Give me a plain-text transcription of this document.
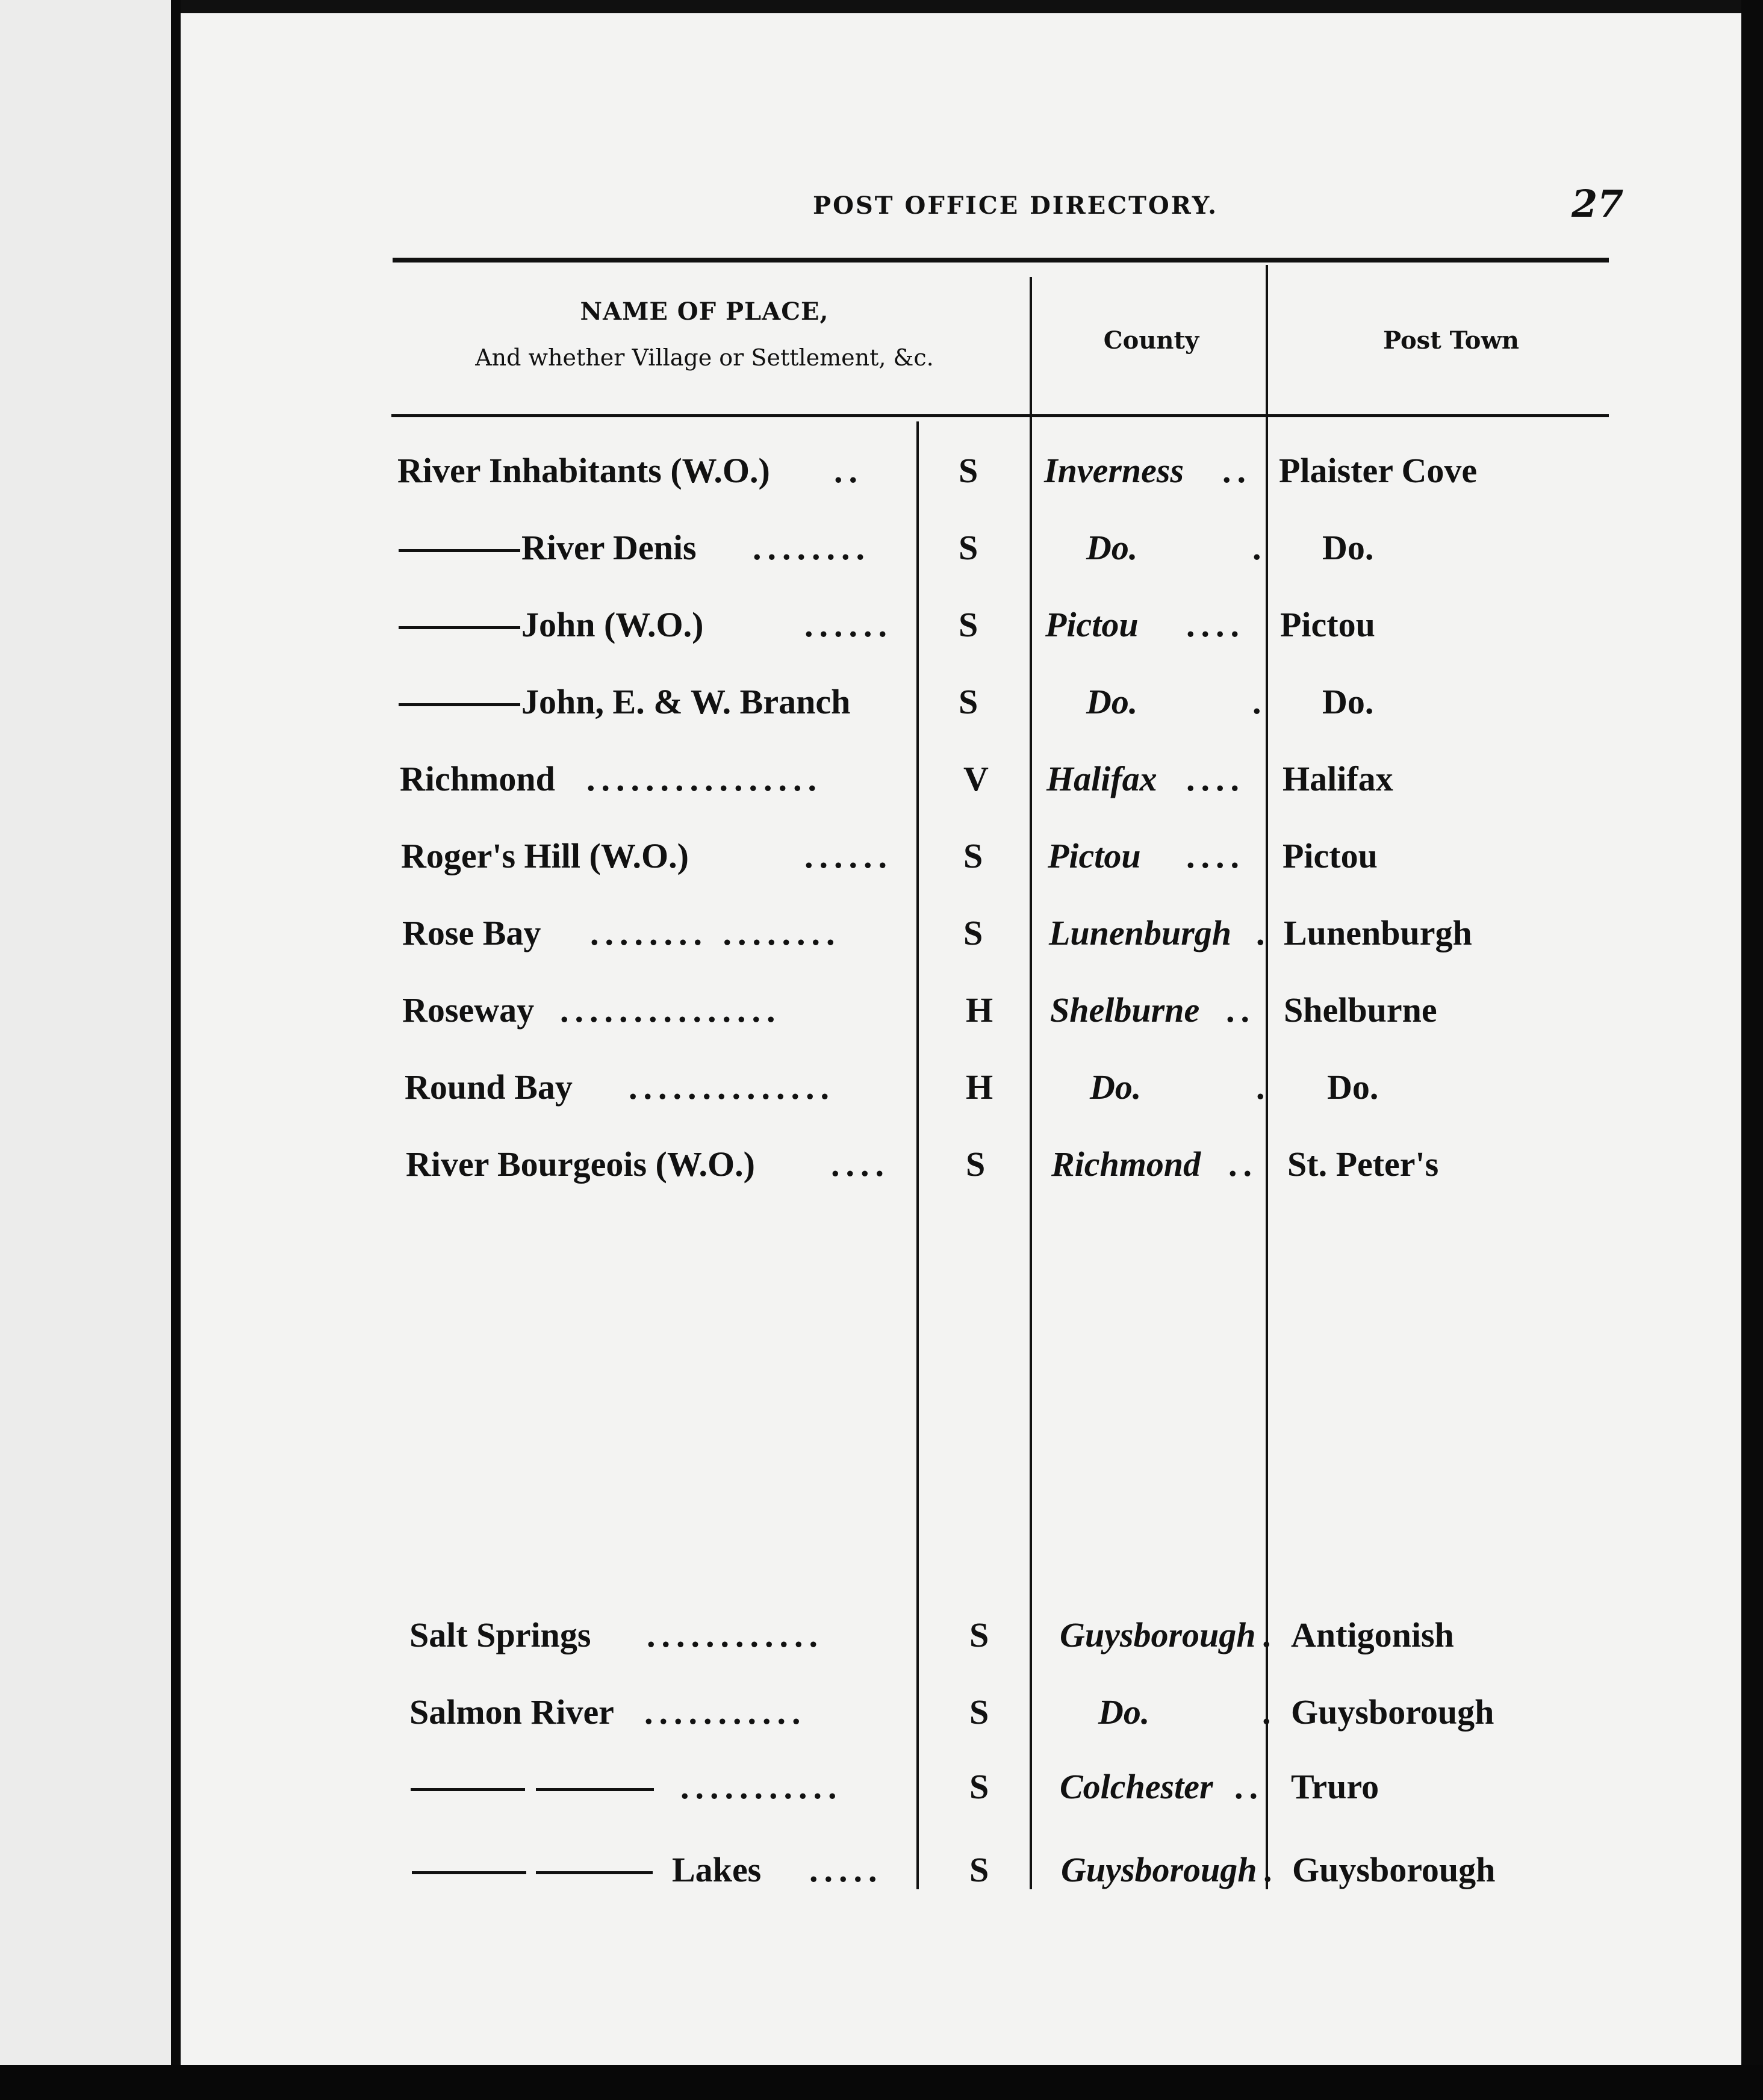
POST OFFICE DIRECTORY.	27
NAME OF PLACE,
And whether Village or Settlement, &c.
County	Post Town
River Inhabitants (W.O.) ..	S Inverness .. Plaister Cove
River Denis ........	S	Do.	. Do.
John (W.O.)	...... S Pictou .... Pictou
John, E. & W. Branch	S	Do.	. Do.
Richmond ................	V Halifax .... Halifax
Roger's Hill (W.O.)	...... S Pictou .... Pictou
Rose Bay ........ ........	S Lunenburgh . Lunenburgh
Roseway ...............	H Shelburne .. Shelburne
Round Bay ..............	H	Do.	. Do.
River Bourgeois (W.O.) .... S Richmond .. St. Peter's
Salt Springs ............	S Guysborough . Antigonish
Salmon River ...........	S	Do.	. Guysborough
...........	S Colchester .. Truro
Lakes ..... S Guysborough . Guysborough
